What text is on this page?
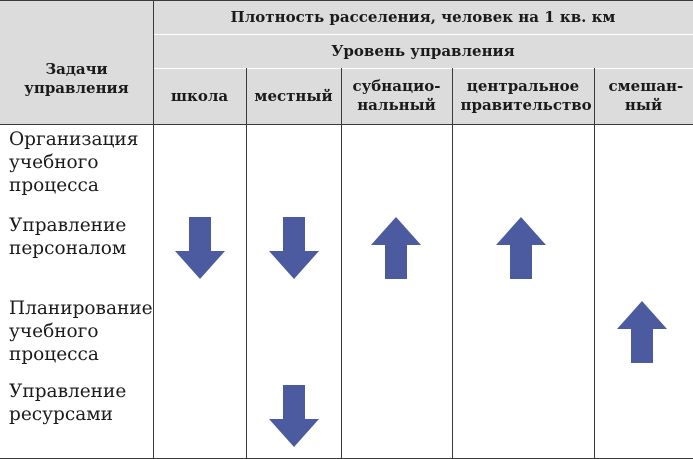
Плотность расселения, человек на 1 кв. км
Уровень управления
Задачи управления	школа местный
субнацио-нальный
центральное правительство
смешан-ный
Организация учебного процесса
Управление персоналом
Планирование учебного процесса
Управление ресурсами
